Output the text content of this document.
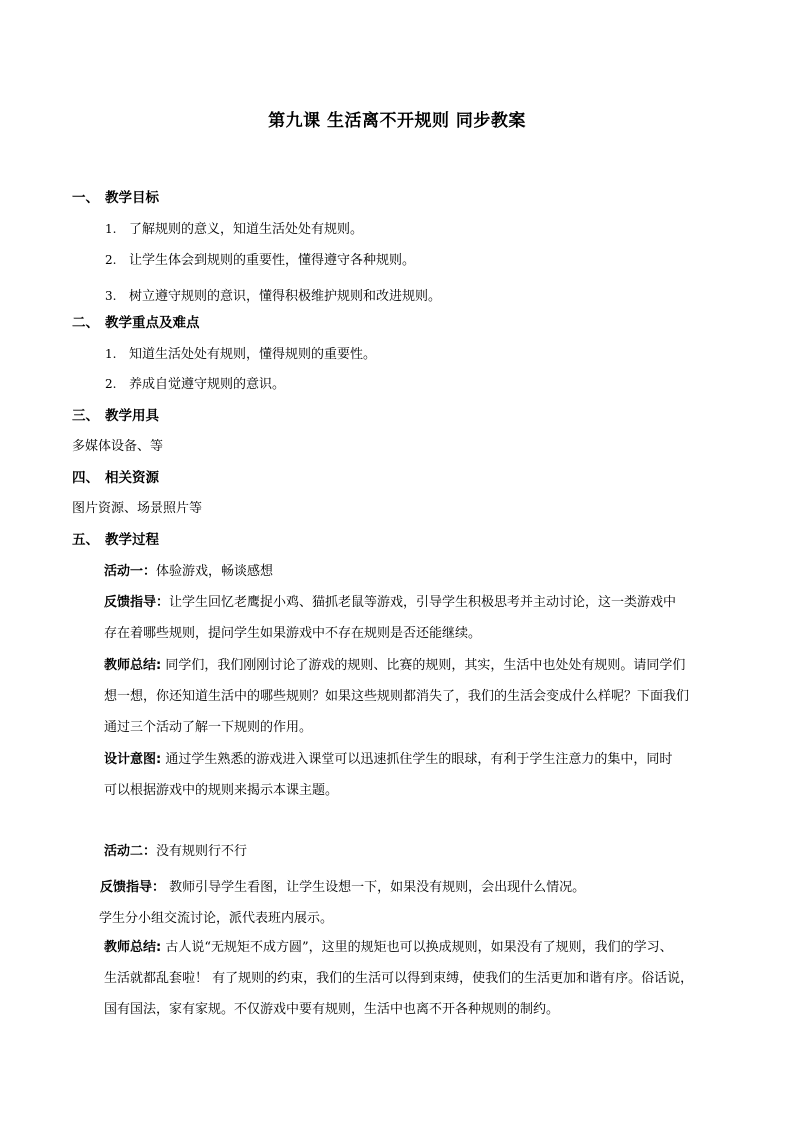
第九课 生活离不开规则 同步教案
一、 教学目标
1. 了解规则的意义，知道生活处处有规则。
2. 让学生体会到规则的重要性，懂得遵守各种规则。
3. 树立遵守规则的意识，懂得积极维护规则和改进规则。
二、 教学重点及难点
1. 知道生活处处有规则，懂得规则的重要性。
2. 养成自觉遵守规则的意识。
三、 教学用具
多媒体设备、等
四、 相关资源
图片资源、场景照片等
五、 教学过程
活动一：体验游戏，畅谈感想
反馈指导：让学生回忆老鹰捉小鸡、猫抓老鼠等游戏，引导学生积极思考并主动讨论，这一类游戏中
存在着哪些规则，提问学生如果游戏中不存在规则是否还能继续。
教师总结: 同学们，我们刚刚讨论了游戏的规则、比赛的规则，其实，生活中也处处有规则。请同学们
想一想，你还知道生活中的哪些规则？如果这些规则都消失了，我们的生活会变成什么样呢？下面我们
通过三个活动了解一下规则的作用。
设计意图: 通过学生熟悉的游戏进入课堂可以迅速抓住学生的眼球，有利于学生注意力的集中，同时
可以根据游戏中的规则来揭示本课主题。
活动二：没有规则行不行
反馈指导： 教师引导学生看图，让学生设想一下，如果没有规则，会出现什么情况。
学生分小组交流讨论，派代表班内展示。
教师总结: 古人说“无规矩不成方圆”，这里的规矩也可以换成规则，如果没有了规则，我们的学习、
生活就都乱套啦！ 有了规则的约束，我们的生活可以得到束缚，使我们的生活更加和谐有序。俗话说，
国有国法，家有家规。不仅游戏中要有规则，生活中也离不开各种规则的制约。
